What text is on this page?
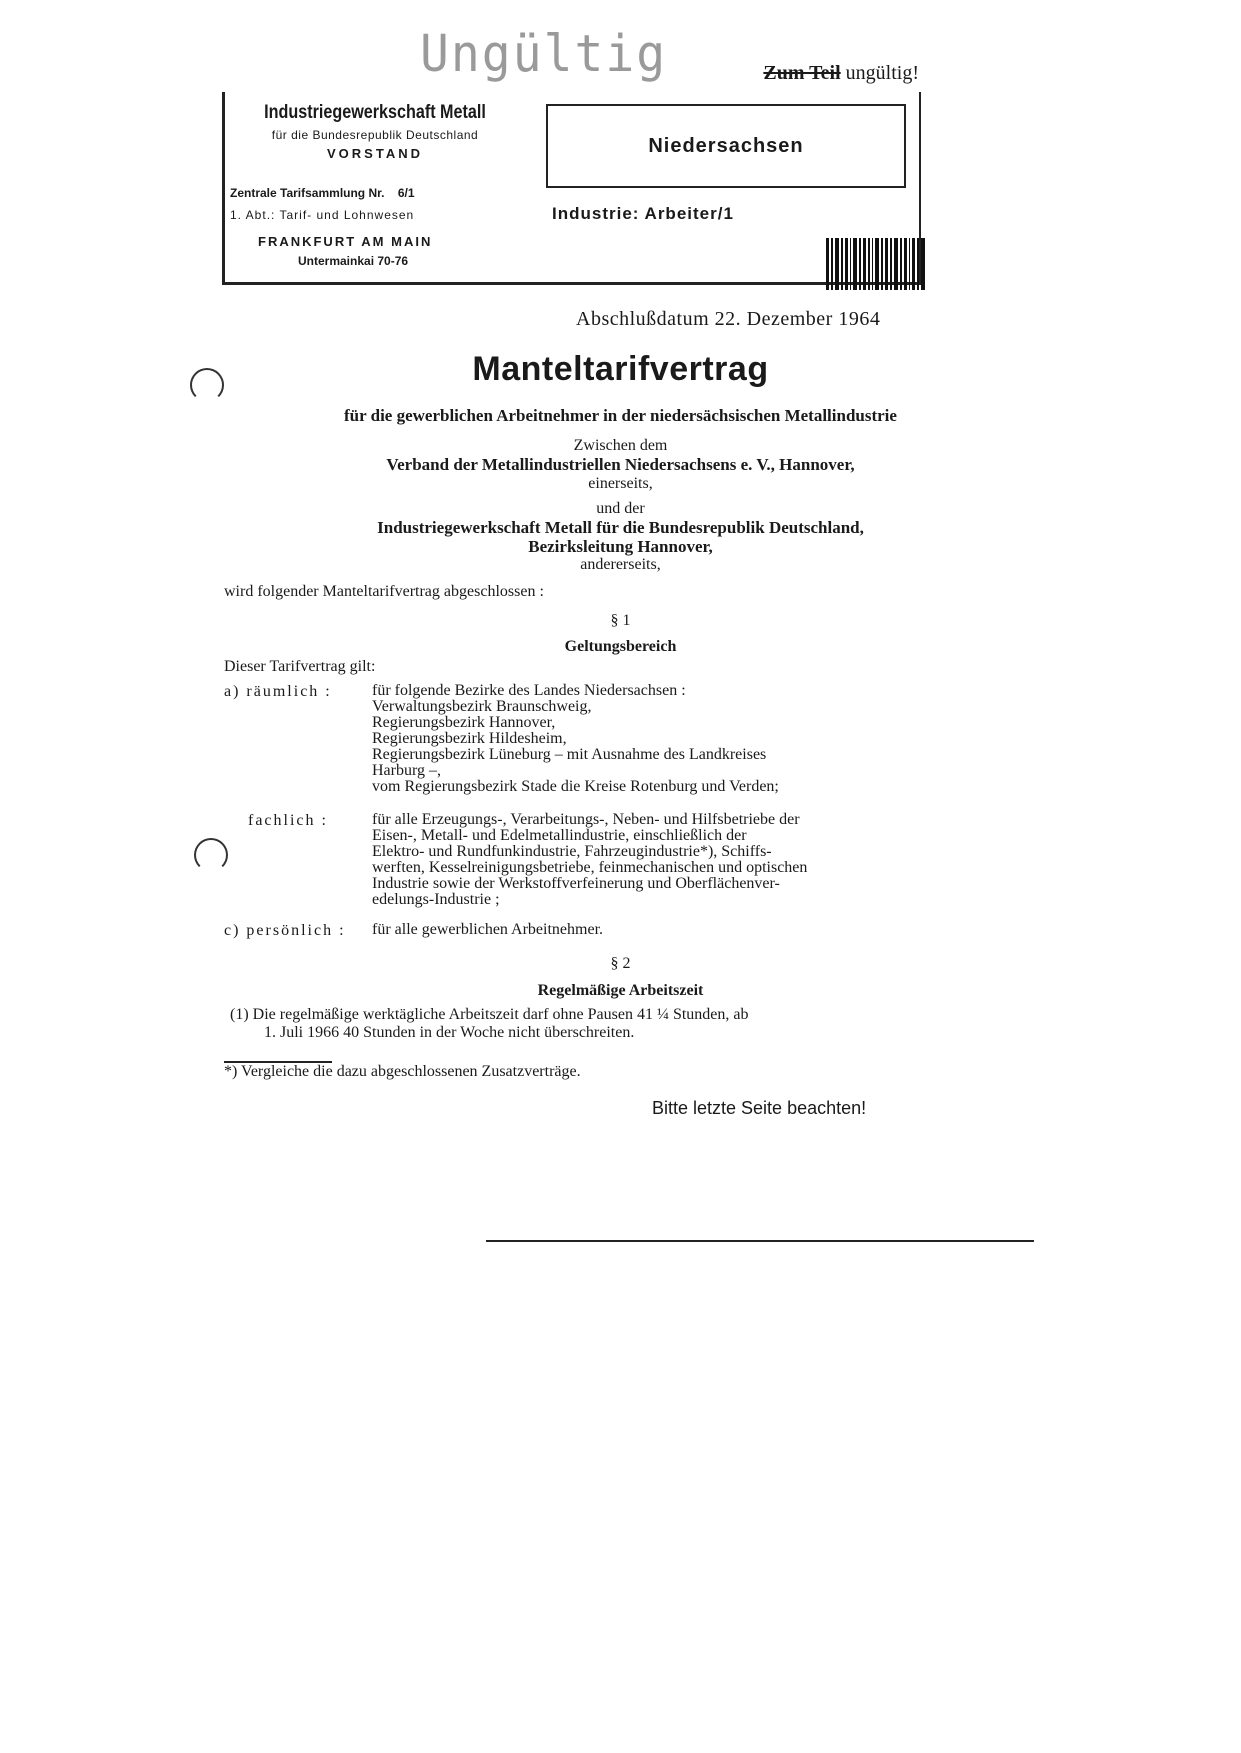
Ungültig	Zum Teil ungültig!
Industriegewerkschaft Metall
für die Bundesrepublik Deutschland
VORSTAND
Zentrale Tarifsammlung Nr. 6/1
1. Abt.: Tarif- und Lohnwesen
FRANKFURT AM MAIN
Untermainkai 70-76
Niedersachsen
Industrie: Arbeiter/1
Abschlußdatum 22. Dezember 1964
Manteltarifvertrag
für die gewerblichen Arbeitnehmer in der niedersächsischen Metallindustrie
Zwischen dem
Verband der Metallindustriellen Niedersachsens e. V., Hannover,
einerseits,
und der
Industriegewerkschaft Metall für die Bundesrepublik Deutschland,
Bezirksleitung Hannover,
andererseits,
wird folgender Manteltarifvertrag abgeschlossen :
§ 1
Geltungsbereich
Dieser Tarifvertrag gilt:
a) räumlich :	für folgende Bezirke des Landes Niedersachsen :
Verwaltungsbezirk Braunschweig,
Regierungsbezirk Hannover,
Regierungsbezirk Hildesheim,
Regierungsbezirk Lüneburg – mit Ausnahme des Landkreises
Harburg –,
vom Regierungsbezirk Stade die Kreise Rotenburg und Verden;
fachlich :	für alle Erzeugungs-, Verarbeitungs-, Neben- und Hilfsbetriebe der
Eisen-, Metall- und Edelmetallindustrie, einschließlich der
Elektro- und Rundfunkindustrie, Fahrzeugindustrie*), Schiffs-
werften, Kesselreinigungsbetriebe, feinmechanischen und optischen
Industrie sowie der Werkstoffverfeinerung und Oberflächenver-
edelungs-Industrie ;
c) persönlich : für alle gewerblichen Arbeitnehmer.
§ 2
Regelmäßige Arbeitszeit
(1) Die regelmäßige werktägliche Arbeitszeit darf ohne Pausen 41 ¼ Stunden, ab
1. Juli 1966 40 Stunden in der Woche nicht überschreiten.
*) Vergleiche die dazu abgeschlossenen Zusatzverträge.
Bitte letzte Seite beachten!
